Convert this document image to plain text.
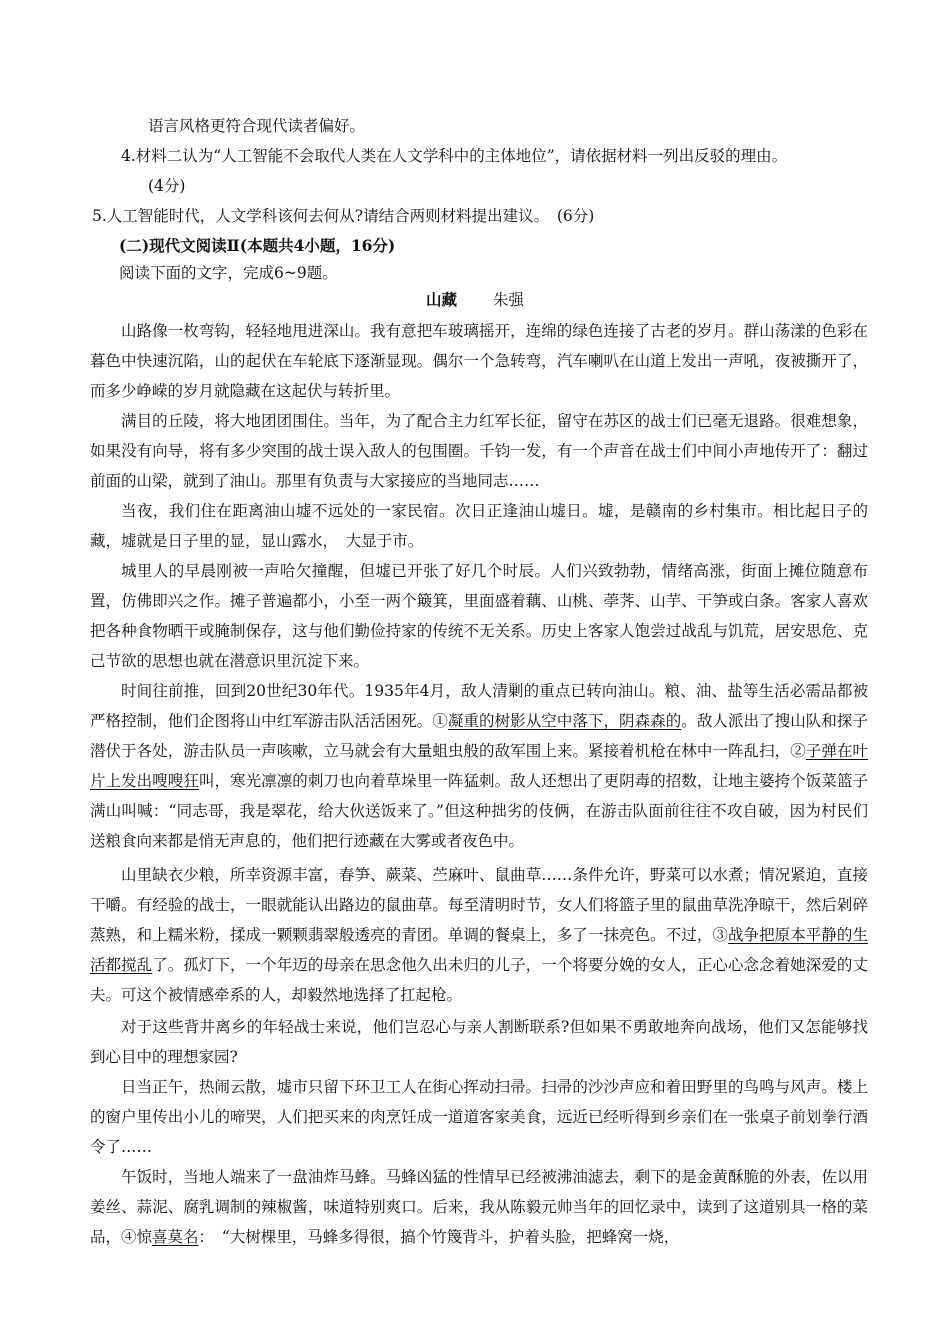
语言风格更符合现代读者偏好。
4.材料二认为“人工智能不会取代人类在人文学科中的主体地位”，请依据材料一列出反驳的理由。
(4分)
5.人工智能时代，人文学科该何去何从?请结合两则材料提出建议。　(6分)
(二)现代文阅读Ⅱ(本题共4小题，16分)
阅读下面的文字，完成6~9题。
山藏 朱强
山路像一枚弯钩，轻轻地甩进深山。我有意把车玻璃摇开，连绵的绿色连接了古老的岁月。群山荡漾的色彩在暮色中快速沉陷，山的起伏在车轮底下逐渐显现。偶尔一个急转弯，汽车喇叭在山道上发出一声吼，夜被撕开了，而多少峥嵘的岁月就隐藏在这起伏与转折里。
满目的丘陵，将大地团团围住。当年，为了配合主力红军长征，留守在苏区的战士们已毫无退路。很难想象，如果没有向导，将有多少突围的战士误入敌人的包围圈。千钧一发，有一个声音在战士们中间小声地传开了：翻过前面的山梁，就到了油山。那里有负责与大家接应的当地同志……
当夜，我们住在距离油山墟不远处的一家民宿。次日正逢油山墟日。墟，是赣南的乡村集市。相比起日子的藏，墟就是日子里的显，显山露水，　大显于市。
城里人的早晨刚被一声哈欠撞醒，但墟已开张了好几个时辰。人们兴致勃勃，情绪高涨，街面上摊位随意布置，仿佛即兴之作。摊子普遍都小，小至一两个簸箕，里面盛着藕、山桃、荸荠、山芋、干笋或白条。客家人喜欢把各种食物晒干或腌制保存，这与他们勤俭持家的传统不无关系。历史上客家人饱尝过战乱与饥荒，居安思危、克己节欲的思想也就在潜意识里沉淀下来。
时间往前推，回到20世纪30年代。1935年4月，敌人清剿的重点已转向油山。粮、油、盐等生活必需品都被严格控制，他们企图将山中红军游击队活活困死。①凝重的树影从空中落下，阴森森的。敌人派出了搜山队和探子潜伏于各处，游击队员一声咳嗽，立马就会有大量蛆虫般的敌军围上来。紧接着机枪在林中一阵乱扫，②子弹在叶片上发出嗖嗖狂叫，寒光凛凛的刺刀也向着草垛里一阵猛刺。敌人还想出了更阴毒的招数，让地主婆挎个饭菜篮子满山叫喊：“同志哥，我是翠花，给大伙送饭来了。”但这种拙劣的伎俩，在游击队面前往往不攻自破，因为村民们送粮食向来都是悄无声息的，他们把行迹藏在大雾或者夜色中。
山里缺衣少粮，所幸资源丰富，春笋、蕨菜、苎麻叶、鼠曲草……条件允许，野菜可以水煮；情况紧迫，直接干嚼。有经验的战士，一眼就能认出路边的鼠曲草。每至清明时节，女人们将篮子里的鼠曲草洗净晾干，然后剁碎蒸熟，和上糯米粉，揉成一颗颗翡翠般透亮的青团。单调的餐桌上，多了一抹亮色。不过，③战争把原本平静的生活都搅乱了。孤灯下，一个年迈的母亲在思念他久出未归的儿子，一个将要分娩的女人，正心心念念着她深爱的丈夫。可这个被情感牵系的人，却毅然地选择了扛起枪。
对于这些背井离乡的年轻战士来说，他们岂忍心与亲人割断联系?但如果不勇敢地奔向战场，他们又怎能够找到心目中的理想家园?
日当正午，热闹云散，墟市只留下环卫工人在街心挥动扫帚。扫帚的沙沙声应和着田野里的鸟鸣与风声。楼上的窗户里传出小儿的啼哭，人们把买来的肉烹饪成一道道客家美食，远近已经听得到乡亲们在一张桌子前划拳行酒令了……
午饭时，当地人端来了一盘油炸马蜂。马蜂凶猛的性情早已经被沸油滤去，剩下的是金黄酥脆的外表，佐以用姜丝、蒜泥、腐乳调制的辣椒酱，味道特别爽口。后来，我从陈毅元帅当年的回忆录中，读到了这道别具一格的菜品，④惊喜莫名：　“大树棵里，马蜂多得很，搞个竹篾背斗，护着头脸，把蜂窝一烧，
